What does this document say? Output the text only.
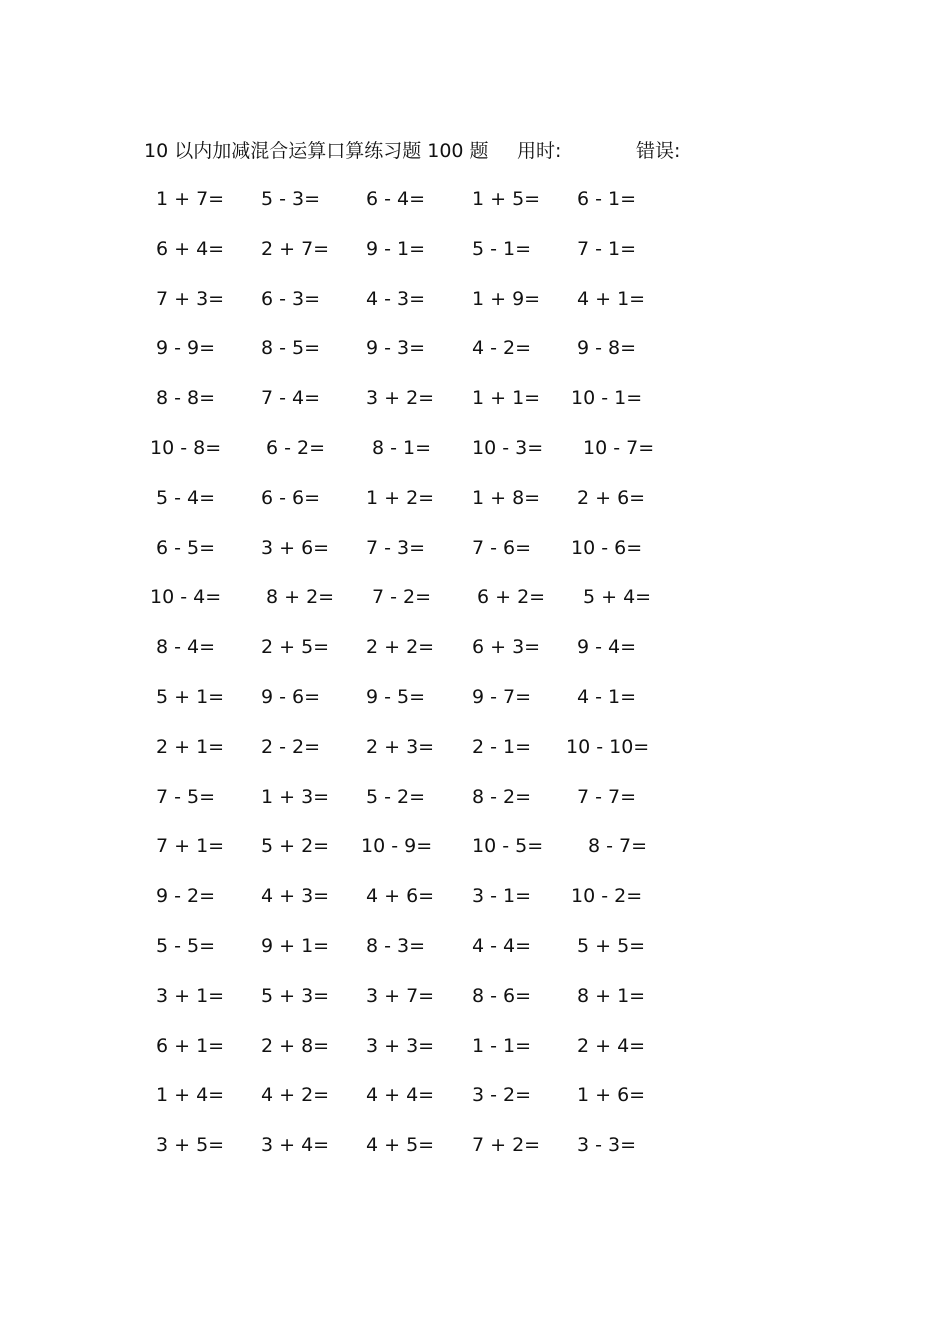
10 以内加减混合运算口算练习题 100 题 用时:	错误:
1 + 7= 5 - 3= 6 - 4= 1 + 5= 6 - 1=
6 + 4= 2 + 7= 9 - 1= 5 - 1= 7 - 1=
7 + 3= 6 - 3= 4 - 3= 1 + 9= 4 + 1=
9 - 9= 8 - 5= 9 - 3= 4 - 2= 9 - 8=
8 - 8= 7 - 4= 3 + 2= 1 + 1= 10 - 1=
10 - 8= 6 - 2= 8 - 1= 10 - 3= 10 - 7=
5 - 4= 6 - 6= 1 + 2= 1 + 8= 2 + 6=
6 - 5= 3 + 6= 7 - 3= 7 - 6= 10 - 6=
10 - 4= 8 + 2= 7 - 2= 6 + 2= 5 + 4=
8 - 4= 2 + 5= 2 + 2= 6 + 3= 9 - 4=
5 + 1= 9 - 6= 9 - 5= 9 - 7= 4 - 1=
2 + 1= 2 - 2= 2 + 3= 2 - 1= 10 - 10=
7 - 5= 1 + 3= 5 - 2= 8 - 2= 7 - 7=
7 + 1= 5 + 2= 10 - 9= 10 - 5= 8 - 7=
9 - 2= 4 + 3= 4 + 6= 3 - 1= 10 - 2=
5 - 5= 9 + 1= 8 - 3= 4 - 4= 5 + 5=
3 + 1= 5 + 3= 3 + 7= 8 - 6= 8 + 1=
6 + 1= 2 + 8= 3 + 3= 1 - 1= 2 + 4=
1 + 4= 4 + 2= 4 + 4= 3 - 2= 1 + 6=
3 + 5= 3 + 4= 4 + 5= 7 + 2= 3 - 3=
